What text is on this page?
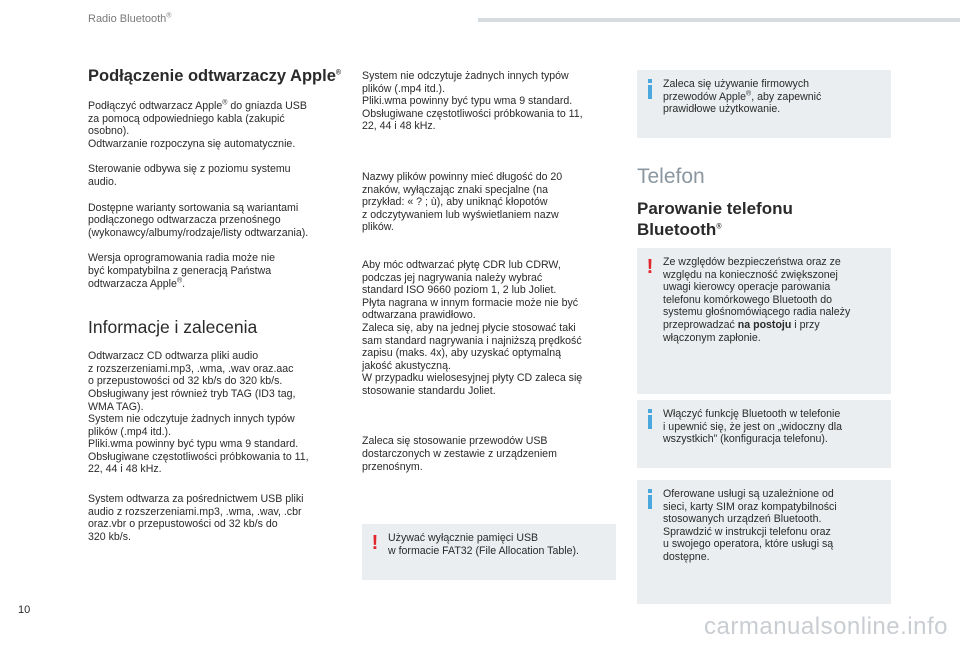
Radio Bluetooth®
Podłączenie odtwarzaczy Apple®

Podłączyć odtwarzacz Apple® do gniazda USB
za pomocą odpowiedniego kabla (zakupić
osobno).
Odtwarzanie rozpoczyna się automatycznie.

Sterowanie odbywa się z poziomu systemu
audio.

Dostępne warianty sortowania są wariantami
podłączonego odtwarzacza przenośnego
(wykonawcy/albumy/rodzaje/listy odtwarzania).

Wersja oprogramowania radia może nie
być kompatybilna z generacją Państwa
odtwarzacza Apple®.

Informacje i zalecenia

Odtwarzacz CD odtwarza pliki audio
z rozszerzeniami.mp3, .wma, .wav oraz.aac
o przepustowości od 32 kb/s do 320 kb/s.
Obsługiwany jest również tryb TAG (ID3 tag,
WMA TAG).
System nie odczytuje żadnych innych typów
plików (.mp4 itd.).
Pliki.wma powinny być typu wma 9 standard.
Obsługiwane częstotliwości próbkowania to 11,
22, 44 i 48 kHz.

System odtwarza za pośrednictwem USB pliki
audio z rozszerzeniami.mp3, .wma, .wav, .cbr
oraz.vbr o przepustowości od 32 kb/s do
320 kb/s.

System nie odczytuje żadnych innych typów
plików (.mp4 itd.).
Pliki.wma powinny być typu wma 9 standard.
Obsługiwane częstotliwości próbkowania to 11,
22, 44 i 48 kHz.

Nazwy plików powinny mieć długość do 20
znaków, wyłączając znaki specjalne (na
przykład: « ? ; ù), aby uniknąć kłopotów
z odczytywaniem lub wyświetlaniem nazw
plików.

Aby móc odtwarzać płytę CDR lub CDRW,
podczas jej nagrywania należy wybrać
standard ISO 9660 poziom 1, 2 lub Joliet.
Płyta nagrana w innym formacie może nie być
odtwarzana prawidłowo.
Zaleca się, aby na jednej płycie stosować taki
sam standard nagrywania i najniższą prędkość
zapisu (maks. 4x), aby uzyskać optymalną
jakość akustyczną.
W przypadku wielosesyjnej płyty CD zaleca się
stosowanie standardu Joliet.

Zaleca się stosowanie przewodów USB
dostarczonych w zestawie z urządzeniem
przenośnym.

! Używać wyłącznie pamięci USB
w formacie FAT32 (File Allocation Table).

Zaleca się używanie firmowych
przewodów Apple®, aby zapewnić
prawidłowe użytkowanie.

Telefon
Parowanie telefonu
Bluetooth®
! Ze względów bezpieczeństwa oraz ze
względu na konieczność zwiększonej
uwagi kierowcy operacje parowania
telefonu komórkowego Bluetooth do
systemu głośnomówiącego radia należy
przeprowadzać na postoju i przy
włączonym zapłonie.

Włączyć funkcję Bluetooth w telefonie
i upewnić się, że jest on „widoczny dla
wszystkich” (konfiguracja telefonu).

Oferowane usługi są uzależnione od
sieci, karty SIM oraz kompatybilności
stosowanych urządzeń Bluetooth.
Sprawdzić w instrukcji telefonu oraz
u swojego operatora, które usługi są
dostępne.

10
carmanualsonline.info
